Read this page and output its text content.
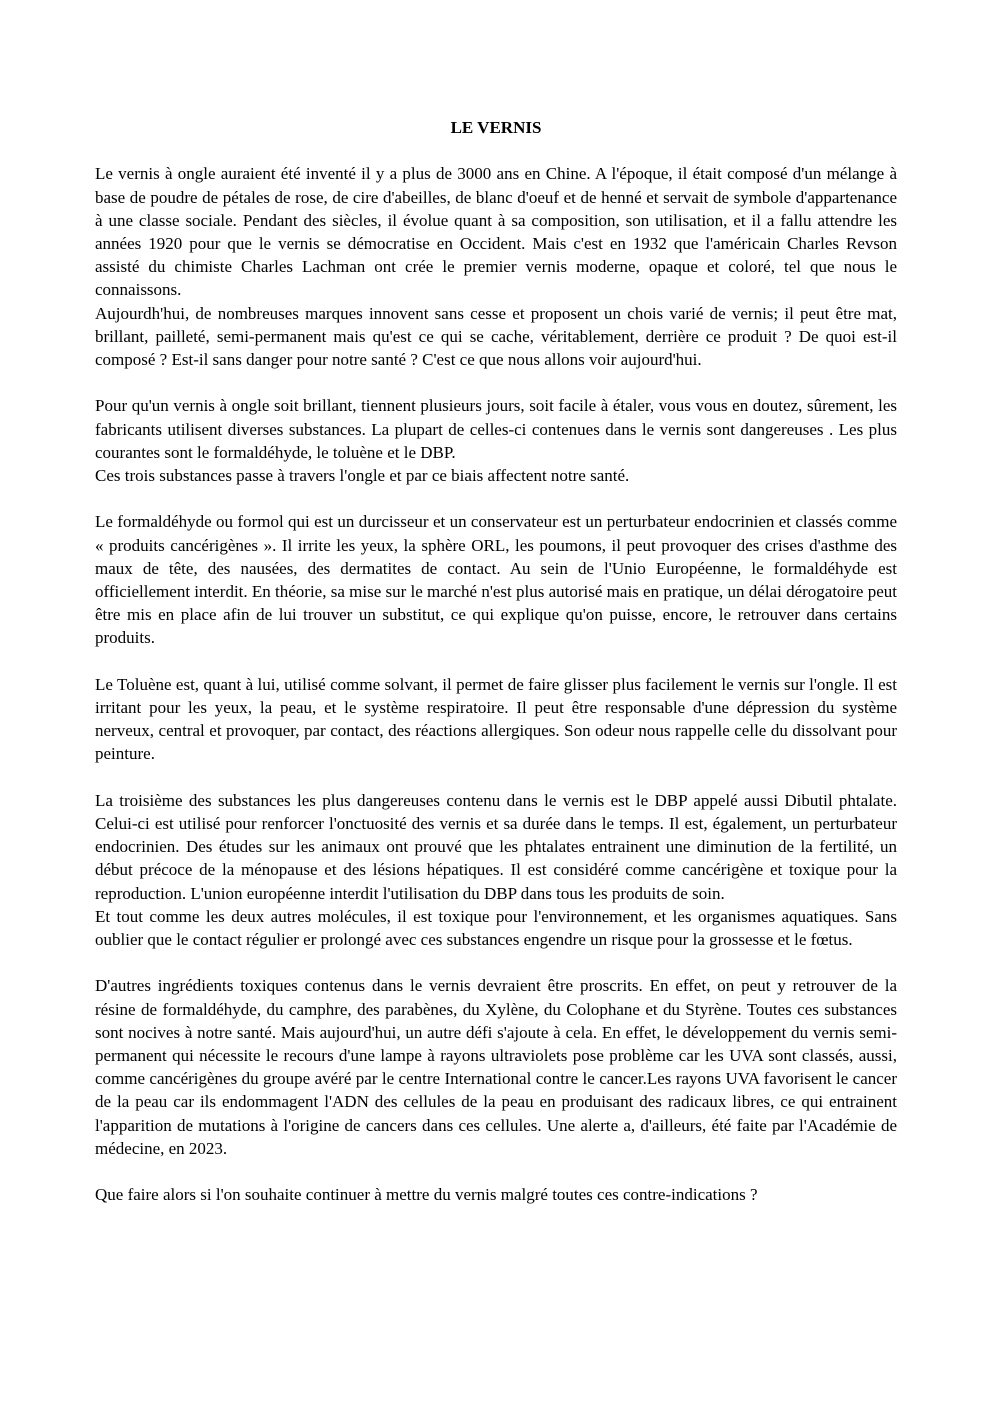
LE VERNIS

Le vernis à ongle auraient été inventé il y a plus de 3000 ans en Chine. A l'époque, il était composé d'un mélange à base de poudre de pétales de rose, de cire d'abeilles, de blanc d'oeuf et de henné et servait de symbole d'appartenance à une classe sociale. Pendant des siècles, il évolue quant à sa composition, son utilisation, et il a fallu attendre les années 1920 pour que le vernis se démocratise en Occident. Mais c'est en 1932 que l'américain Charles Revson assisté du chimiste Charles Lachman ont crée le premier vernis moderne, opaque et coloré, tel que nous le connaissons.

Aujourdh'hui, de nombreuses marques innovent sans cesse et proposent un chois varié de vernis; il peut être mat, brillant, pailleté, semi-permanent mais qu'est ce qui se cache, véritablement, derrière ce produit ? De quoi est-il composé ? Est-il sans danger pour notre santé ? C'est ce que nous allons voir aujourd'hui.

Pour qu'un vernis à ongle soit brillant, tiennent plusieurs jours, soit facile à étaler, vous vous en doutez, sûrement, les fabricants utilisent diverses substances. La plupart de celles-ci contenues dans le vernis sont dangereuses . Les plus courantes sont le formaldéhyde, le toluène et le DBP.

Ces trois substances passe à travers l'ongle et par ce biais affectent notre santé.

Le formaldéhyde ou formol qui est un durcisseur et un conservateur est un perturbateur endocrinien et classés comme « produits cancérigènes ». Il irrite les yeux, la sphère ORL, les poumons, il peut provoquer des crises d'asthme des maux de tête, des nausées, des dermatites de contact. Au sein de l'Unio Européenne, le formaldéhyde est officiellement interdit. En théorie, sa mise sur le marché n'est plus autorisé mais en pratique, un délai dérogatoire peut être mis en place afin de lui trouver un substitut, ce qui explique qu'on puisse, encore, le retrouver dans certains produits.

Le Toluène est, quant à lui, utilisé comme solvant, il permet de faire glisser plus facilement le vernis sur l'ongle. Il est irritant pour les yeux, la peau, et le système respiratoire. Il peut être responsable d'une dépression du système nerveux, central et provoquer, par contact, des réactions allergiques. Son odeur nous rappelle celle du dissolvant pour peinture.

La troisième des substances les plus dangereuses contenu dans le vernis est le DBP appelé aussi Dibutil phtalate. Celui-ci est utilisé pour renforcer l'onctuosité des vernis et sa durée dans le temps. Il est, également, un perturbateur endocrinien. Des études sur les animaux ont prouvé que les phtalates entrainent une diminution de la fertilité, un début précoce de la ménopause et des lésions hépatiques. Il est considéré comme cancérigène et toxique pour la reproduction. L'union européenne interdit l'utilisation du DBP dans tous les produits de soin.

Et tout comme les deux autres molécules, il est toxique pour l'environnement, et les organismes aquatiques. Sans oublier que le contact régulier er prolongé avec ces substances engendre un risque pour la grossesse et le fœtus.

D'autres ingrédients toxiques contenus dans le vernis devraient être proscrits. En effet, on peut y retrouver de la résine de formaldéhyde, du camphre, des parabènes, du Xylène, du Colophane et du Styrène. Toutes ces substances sont nocives à notre santé. Mais aujourd'hui, un autre défi s'ajoute à cela. En effet, le développement du vernis semi-permanent qui nécessite le recours d'une lampe à rayons ultraviolets pose problème car les UVA sont classés, aussi, comme cancérigènes du groupe avéré par le centre International contre le cancer.Les rayons UVA favorisent le cancer de la peau car ils endommagent l'ADN des cellules de la peau en produisant des radicaux libres, ce qui entrainent l'apparition de mutations à l'origine de cancers dans ces cellules. Une alerte a, d'ailleurs, été faite par l'Académie de médecine, en 2023.

Que faire alors si l'on souhaite continuer à mettre du vernis malgré toutes ces contre-indications ?
